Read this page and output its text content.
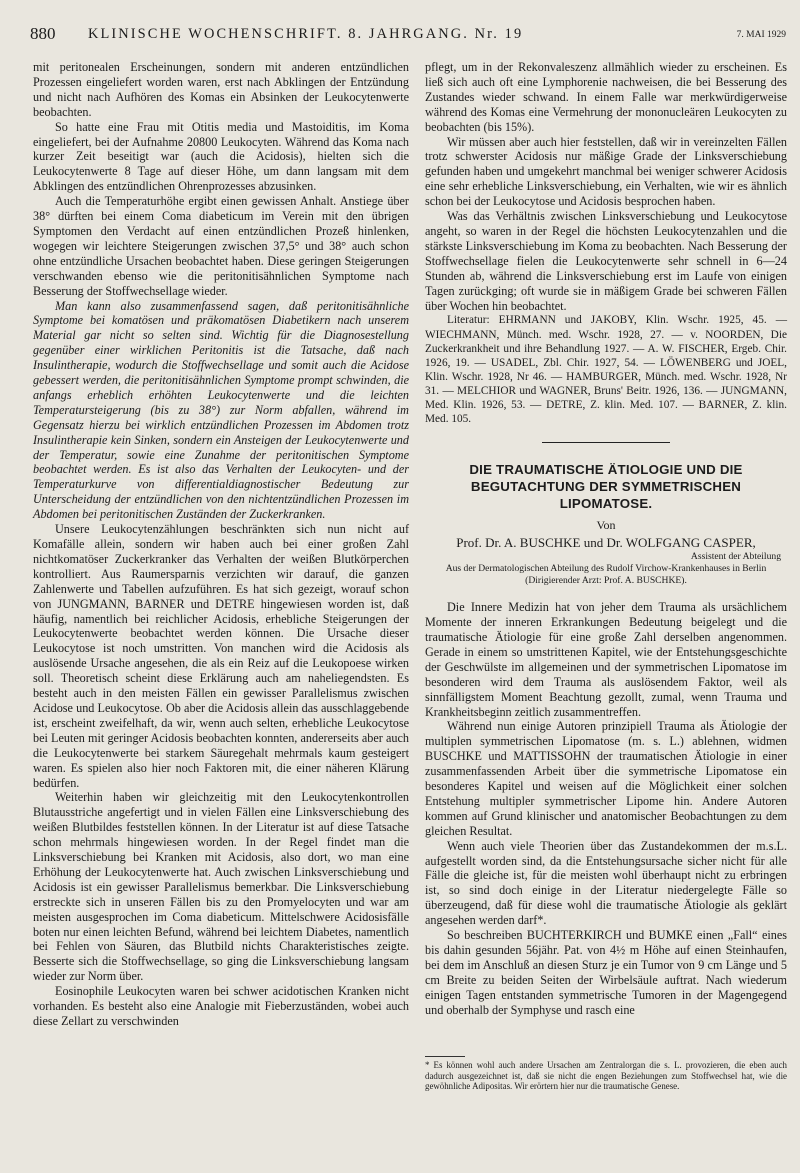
880 KLINISCHE WOCHENSCHRIFT. 8. JAHRGANG. Nr. 19	7. MAI 1929

mit peritonealen Erscheinungen, sondern mit anderen entzündlichen Prozessen eingeliefert worden waren, erst nach Abklingen der Entzündung und nicht nach Aufhören des Komas ein Absinken der Leukocytenwerte beobachten.

So hatte eine Frau mit Otitis media und Mastoiditis, im Koma eingeliefert, bei der Aufnahme 20800 Leukocyten. Während das Koma nach kurzer Zeit beseitigt war (auch die Acidosis), hielten sich die Leukocytenwerte 8 Tage auf dieser Höhe, um dann langsam mit dem Abklingen des entzündlichen Ohrenprozesses abzusinken.

Auch die Temperaturhöhe ergibt einen gewissen Anhalt. Anstiege über 38° dürften bei einem Coma diabeticum im Verein mit den übrigen Symptomen den Verdacht auf einen entzündlichen Prozeß hinlenken, wogegen wir leichtere Steigerungen zwischen 37,5° und 38° auch schon ohne entzündliche Ursachen beobachtet haben. Diese geringen Steigerungen verschwanden ebenso wie die peritonitisähnlichen Symptome nach Besserung der Stoffwechsellage wieder.

Man kann also zusammenfassend sagen, daß peritonitisähnliche Symptome bei komatösen und präkomatösen Diabetikern nach unserem Material gar nicht so selten sind. Wichtig für die Diagnosestellung gegenüber einer wirklichen Peritonitis ist die Tatsache, daß nach Insulintherapie, wodurch die Stoffwechsellage und somit auch die Acidose gebessert werden, die peritonitisähnlichen Symptome prompt schwinden, die anfangs erheblich erhöhten Leukocytenwerte und die leichten Temperatursteigerung (bis zu 38°) zur Norm abfallen, während im Gegensatz hierzu bei wirklich entzündlichen Prozessen im Abdomen trotz Insulintherapie kein Sinken, sondern ein Ansteigen der Leukocytenwerte und der Temperatur, sowie eine Zunahme der peritonitischen Symptome beobachtet werden. Es ist also das Verhalten der Leukocyten- und der Temperaturkurve von differentialdiagnostischer Bedeutung zur Unterscheidung der entzündlichen von den nichtentzündlichen Prozessen im Abdomen bei peritonitischen Zuständen der Zuckerkranken.

Unsere Leukocytenzählungen beschränkten sich nun nicht auf Komafälle allein, sondern wir haben auch bei einer großen Zahl nichtkomatöser Zuckerkranker das Verhalten der weißen Blutkörperchen kontrolliert. Aus Raumersparnis verzichten wir darauf, die ganzen Zahlenwerte und Tabellen aufzuführen. Es hat sich gezeigt, worauf schon von JUNGMANN, BARNER und DETRE hingewiesen worden ist, daß häufig, namentlich bei reichlicher Acidosis, erhebliche Steigerungen der Leukocytenwerte beobachtet werden können. Die Ursache dieser Leukocytose ist noch umstritten. Von manchen wird die Acidosis als auslösende Ursache angesehen, die als ein Reiz auf die Leukopoese wirken soll. Theoretisch scheint diese Erklärung auch am naheliegendsten. Es besteht auch in den meisten Fällen ein gewisser Parallelismus zwischen Acidose und Leukocytose. Ob aber die Acidosis allein das ausschlaggebende ist, erscheint zweifelhaft, da wir, wenn auch selten, erhebliche Leukocytose bei Leuten mit geringer Acidosis beobachten konnten, andererseits aber auch die Leukocytenwerte bei starkem Säuregehalt mehrmals kaum gesteigert waren. Es spielen also hier noch Faktoren mit, die einer näheren Klärung bedürfen.

Weiterhin haben wir gleichzeitig mit den Leukocytenkontrollen Blutausstriche angefertigt und in vielen Fällen eine Linksverschiebung des weißen Blutbildes feststellen können. In der Literatur ist auf diese Tatsache schon mehrmals hingewiesen worden. In der Regel findet man die Linksverschiebung bei Kranken mit Acidosis, also dort, wo man eine Erhöhung der Leukocytenwerte hat. Auch zwischen Linksverschiebung und Acidosis ist ein gewisser Parallelismus bemerkbar. Die Linksverschiebung erstreckte sich in unseren Fällen bis zu den Promyelocyten und war am meisten ausgesprochen im Coma diabeticum. Mittelschwere Acidosisfälle boten nur einen leichten Befund, während bei leichtem Diabetes, namentlich bei Fehlen von Säuren, das Blutbild nichts Charakteristisches zeigte. Besserte sich die Stoffwechsellage, so ging die Linksverschiebung langsam wieder zur Norm über.

Eosinophile Leukocyten waren bei schwer acidotischen Kranken nicht vorhanden. Es besteht also eine Analogie mit Fieberzuständen, wobei auch diese Zellart zu verschwinden

pflegt, um in der Rekonvaleszenz allmählich wieder zu erscheinen. Es ließ sich auch oft eine Lymphorenie nachweisen, die bei Besserung des Zustandes wieder schwand. In einem Falle war merkwürdigerweise während des Komas eine Vermehrung der mononucleären Leukocyten zu beobachten (bis 15%).

Wir müssen aber auch hier feststellen, daß wir in vereinzelten Fällen trotz schwerster Acidosis nur mäßige Grade der Linksverschiebung gefunden haben und umgekehrt manchmal bei weniger schwerer Acidosis eine sehr erhebliche Linksverschiebung, ein Verhalten, wie wir es ähnlich schon bei der Leukocytose und Acidosis besprochen haben.

Was das Verhältnis zwischen Linksverschiebung und Leukocytose angeht, so waren in der Regel die höchsten Leukocytenzahlen und die stärkste Linksverschiebung im Koma zu beobachten. Nach Besserung der Stoffwechsellage fielen die Leukocytenwerte sehr schnell in 6—24 Stunden ab, während die Linksverschiebung erst im Laufe von einigen Tagen zurückging; oft wurde sie in mäßigem Grade bei schweren Fällen über Wochen hin beobachtet.

Literatur: EHRMANN und JAKOBY, Klin. Wschr. 1925, 45. — WIECHMANN, Münch. med. Wschr. 1928, 27. — v. NOORDEN, Die Zuckerkrankheit und ihre Behandlung 1927. — A. W. FISCHER, Ergeb. Chir. 1926, 19. — USADEL, Zbl. Chir. 1927, 54. — LÖWENBERG und JOEL, Klin. Wschr. 1928, Nr 46. — HAMBURGER, Münch. med. Wschr. 1928, Nr 31. — MELCHIOR und WAGNER, Bruns' Beitr. 1926, 136. — JUNGMANN, Med. Klin. 1926, 53. — DETRE, Z. klin. Med. 107. — BARNER, Z. klin. Med. 105.

DIE TRAUMATISCHE ÄTIOLOGIE UND DIE BEGUTACHTUNG DER SYMMETRISCHEN LIPOMATOSE.

Von

Prof. Dr. A. BUSCHKE und Dr. WOLFGANG CASPER,

Assistent der Abteilung

Aus der Dermatologischen Abteilung des Rudolf Virchow-Krankenhauses in Berlin
(Dirigierender Arzt: Prof. A. BUSCHKE).

Die Innere Medizin hat von jeher dem Trauma als ursächlichem Momente der inneren Erkrankungen Bedeutung beigelegt und die traumatische Ätiologie für eine große Zahl derselben angenommen. Gerade in einem so umstrittenen Kapitel, wie der Entstehungsgeschichte der Geschwülste im allgemeinen und der symmetrischen Lipomatose im besonderen wird dem Trauma als auslösendem Faktor, weil als sinnfälligstem Moment Beachtung gezollt, zumal, wenn Trauma und Krankheitsbeginn zeitlich zusammentreffen.

Während nun einige Autoren prinzipiell Trauma als Ätiologie der multiplen symmetrischen Lipomatose (m. s. L.) ablehnen, widmen BUSCHKE und MATTISSOHN der traumatischen Ätiologie in einer zusammenfassenden Arbeit über die symmetrische Lipomatose ein besonderes Kapitel und weisen auf die Möglichkeit einer solchen Entstehung multipler symmetrischer Lipome hin. Andere Autoren kommen auf Grund klinischer und anatomischer Beobachtungen zu dem gleichen Resultat.

Wenn auch viele Theorien über das Zustandekommen der m.s.L. aufgestellt worden sind, da die Entstehungsursache sicher nicht für alle Fälle die gleiche ist, für die meisten wohl überhaupt nicht zu erbringen ist, so sind doch einige in der Literatur niedergelegte Fälle so überzeugend, daß für diese wohl die traumatische Ätiologie als geklärt angesehen werden darf*.

So beschreiben BUCHTERKIRCH und BUMKE einen „Fall“ eines bis dahin gesunden 56jähr. Pat. von 4½ m Höhe auf einen Steinhaufen, bei dem im Anschluß an diesen Sturz je ein Tumor von 9 cm Länge und 5 cm Breite zu beiden Seiten der Wirbelsäule auftrat. Nach wiederum einigen Tagen entstanden symmetrische Tumoren in der Magengegend und oberhalb der Symphyse und rasch eine

* Es können wohl auch andere Ursachen am Zentralorgan die s. L. provozieren, die eben auch dadurch ausgezeichnet ist, daß sie nicht die engen Beziehungen zum Stoffwechsel hat, wie die gewöhnliche Adipositas. Wir erörtern hier nur die traumatische Genese.
